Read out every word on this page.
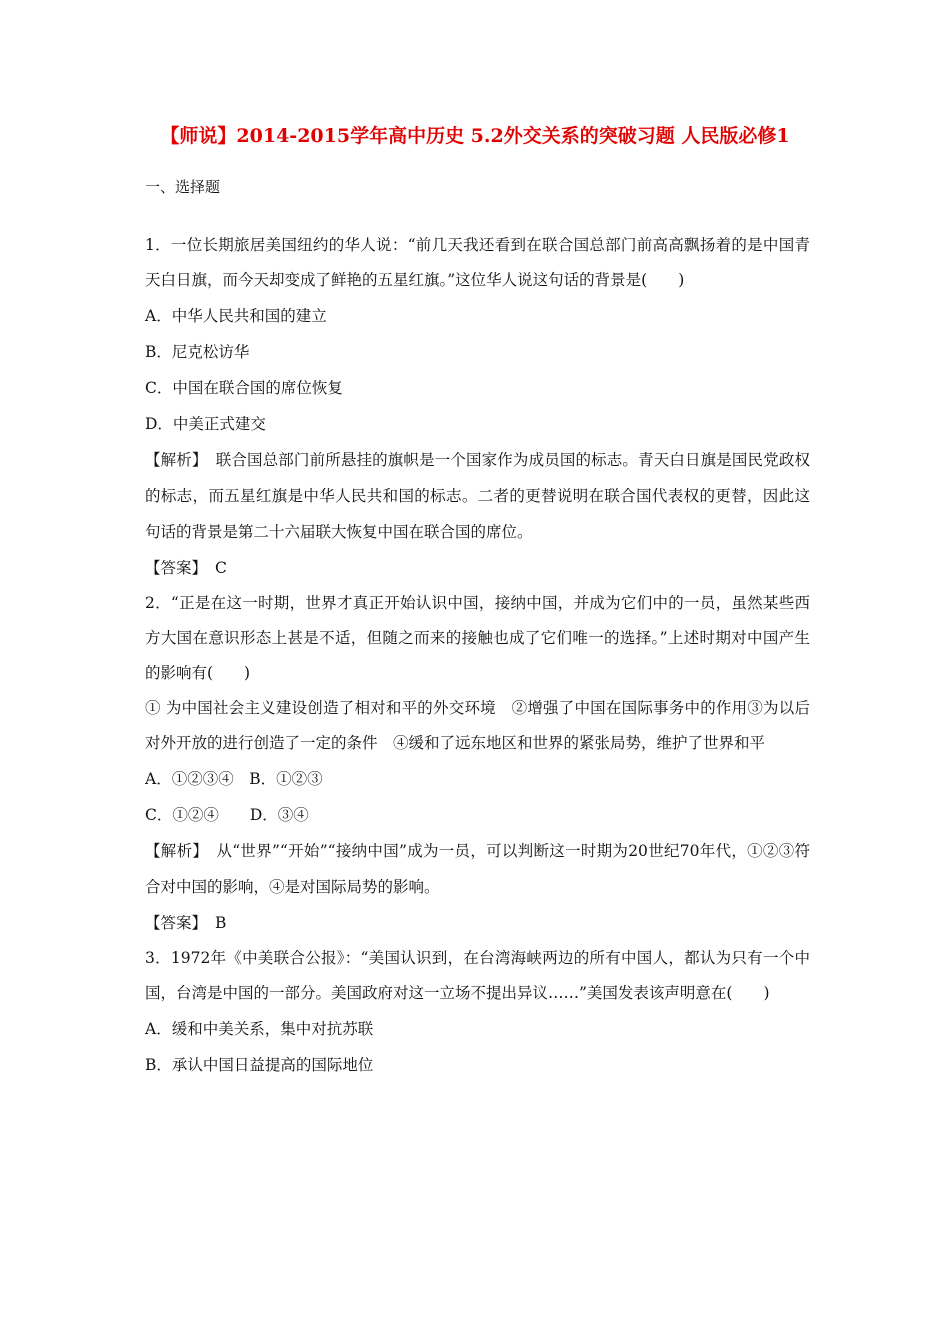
【师说】2014-2015学年高中历史 5.2外交关系的突破习题 人民版必修1
一、选择题

1．一位长期旅居美国纽约的华人说：“前几天我还看到在联合国总部门前高高飘扬着的是中国青天白日旗，而今天却变成了鲜艳的五星红旗。”这位华人说这句话的背景是(　　)

A．中华人民共和国的建立

B．尼克松访华

C．中国在联合国的席位恢复

D．中美正式建交

【解析】 联合国总部门前所悬挂的旗帜是一个国家作为成员国的标志。青天白日旗是国民党政权的标志，而五星红旗是中华人民共和国的标志。二者的更替说明在联合国代表权的更替，因此这句话的背景是第二十六届联大恢复中国在联合国的席位。

【答案】 C

2．“正是在这一时期，世界才真正开始认识中国，接纳中国，并成为它们中的一员，虽然某些西方大国在意识形态上甚是不适，但随之而来的接触也成了它们唯一的选择。”上述时期对中国产生的影响有(　　)

① 为中国社会主义建设创造了相对和平的外交环境　②增强了中国在国际事务中的作用③为以后对外开放的进行创造了一定的条件　④缓和了远东地区和世界的紧张局势，维护了世界和平

A．①②③④　B．①②③

C．①②④　　D．③④

【解析】 从“世界”“开始”“接纳中国”成为一员，可以判断这一时期为20世纪70年代，①②③符合对中国的影响，④是对国际局势的影响。

【答案】 B

3．1972年《中美联合公报》：“美国认识到，在台湾海峡两边的所有中国人，都认为只有一个中国，台湾是中国的一部分。美国政府对这一立场不提出异议……”美国发表该声明意在(　　)

A．缓和中美关系，集中对抗苏联

B．承认中国日益提高的国际地位
